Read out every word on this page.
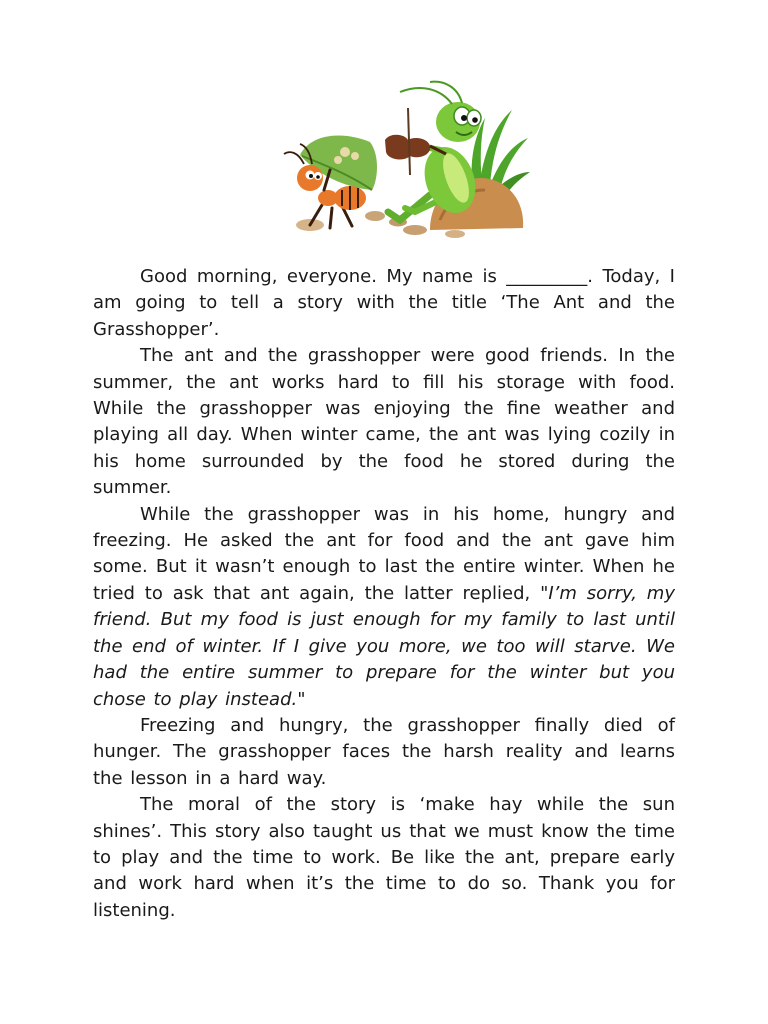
Good morning, everyone. My name is _________. Today, I am going to tell a story with the title ‘The Ant and the Grasshopper’.

The ant and the grasshopper were good friends. In the summer, the ant works hard to fill his storage with food. While the grasshopper was enjoying the fine weather and playing all day. When winter came, the ant was lying cozily in his home surrounded by the food he stored during the summer.

While the grasshopper was in his home, hungry and freezing. He asked the ant for food and the ant gave him some. But it wasn’t enough to last the entire winter. When he tried to ask that ant again, the latter replied, "I’m sorry, my friend. But my food is just enough for my family to last until the end of winter. If I give you more, we too will starve. We had the entire summer to prepare for the winter but you chose to play instead."

Freezing and hungry, the grasshopper finally died of hunger. The grasshopper faces the harsh reality and learns the lesson in a hard way.

The moral of the story is ‘make hay while the sun shines’. This story also taught us that we must know the time to play and the time to work. Be like the ant, prepare early and work hard when it’s the time to do so. Thank you for listening.
